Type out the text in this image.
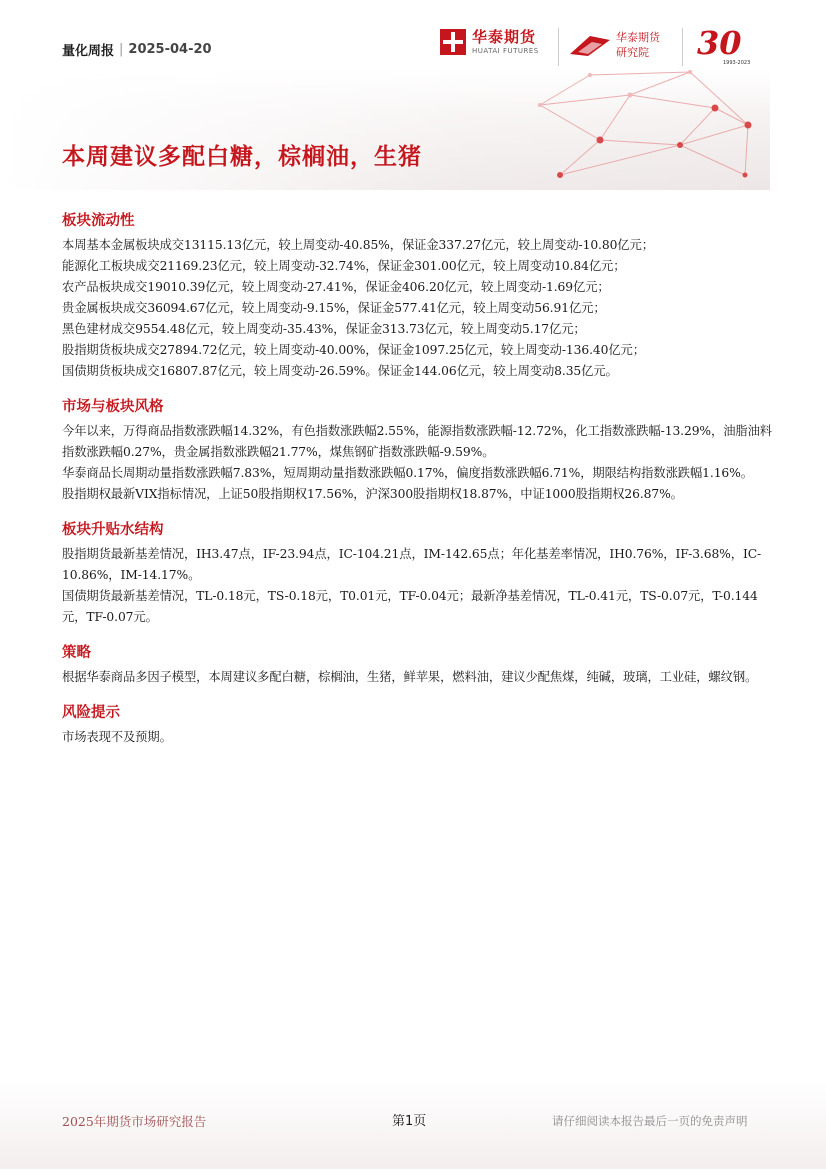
量化周报 | 2025-04-20
华泰期货
HUATAI FUTURES
华泰期货
研究院	30
1993-2023
本周建议多配白糖，棕榈油，生猪
板块流动性

本周基本金属板块成交13115.13亿元，较上周变动-40.85%，保证金337.27亿元，较上周变动-10.80亿元；

能源化工板块成交21169.23亿元，较上周变动-32.74%，保证金301.00亿元，较上周变动10.84亿元；

农产品板块成交19010.39亿元，较上周变动-27.41%，保证金406.20亿元，较上周变动-1.69亿元；

贵金属板块成交36094.67亿元，较上周变动-9.15%，保证金577.41亿元，较上周变动56.91亿元；

黑色建材成交9554.48亿元，较上周变动-35.43%，保证金313.73亿元，较上周变动5.17亿元；

股指期货板块成交27894.72亿元，较上周变动-40.00%，保证金1097.25亿元，较上周变动-136.40亿元；

国债期货板块成交16807.87亿元，较上周变动-26.59%。保证金144.06亿元，较上周变动8.35亿元。

市场与板块风格

今年以来，万得商品指数涨跌幅14.32%，有色指数涨跌幅2.55%，能源指数涨跌幅-12.72%，化工指数涨跌幅-13.29%，油脂油料指数涨跌幅0.27%，贵金属指数涨跌幅21.77%，煤焦钢矿指数涨跌幅-9.59%。

华泰商品长周期动量指数涨跌幅7.83%，短周期动量指数涨跌幅0.17%，偏度指数涨跌幅6.71%，期限结构指数涨跌幅1.16%。

股指期权最新VIX指标情况，上证50股指期权17.56%，沪深300股指期权18.87%，中证1000股指期权26.87%。

板块升贴水结构

股指期货最新基差情况，IH3.47点，IF-23.94点，IC-104.21点，IM-142.65点；年化基差率情况，IH0.76%，IF-3.68%，IC-10.86%，IM-14.17%。

国债期货最新基差情况，TL-0.18元，TS-0.18元，T0.01元，TF-0.04元；最新净基差情况，TL-0.41元，TS-0.07元，T-0.144元，TF-0.07元。

策略

根据华泰商品多因子模型，本周建议多配白糖，棕榈油，生猪，鲜苹果，燃料油，建议少配焦煤，纯碱，玻璃，工业硅，螺纹钢。

风险提示

市场表现不及预期。

2025年期货市场研究报告	第1页	请仔细阅读本报告最后一页的免责声明
